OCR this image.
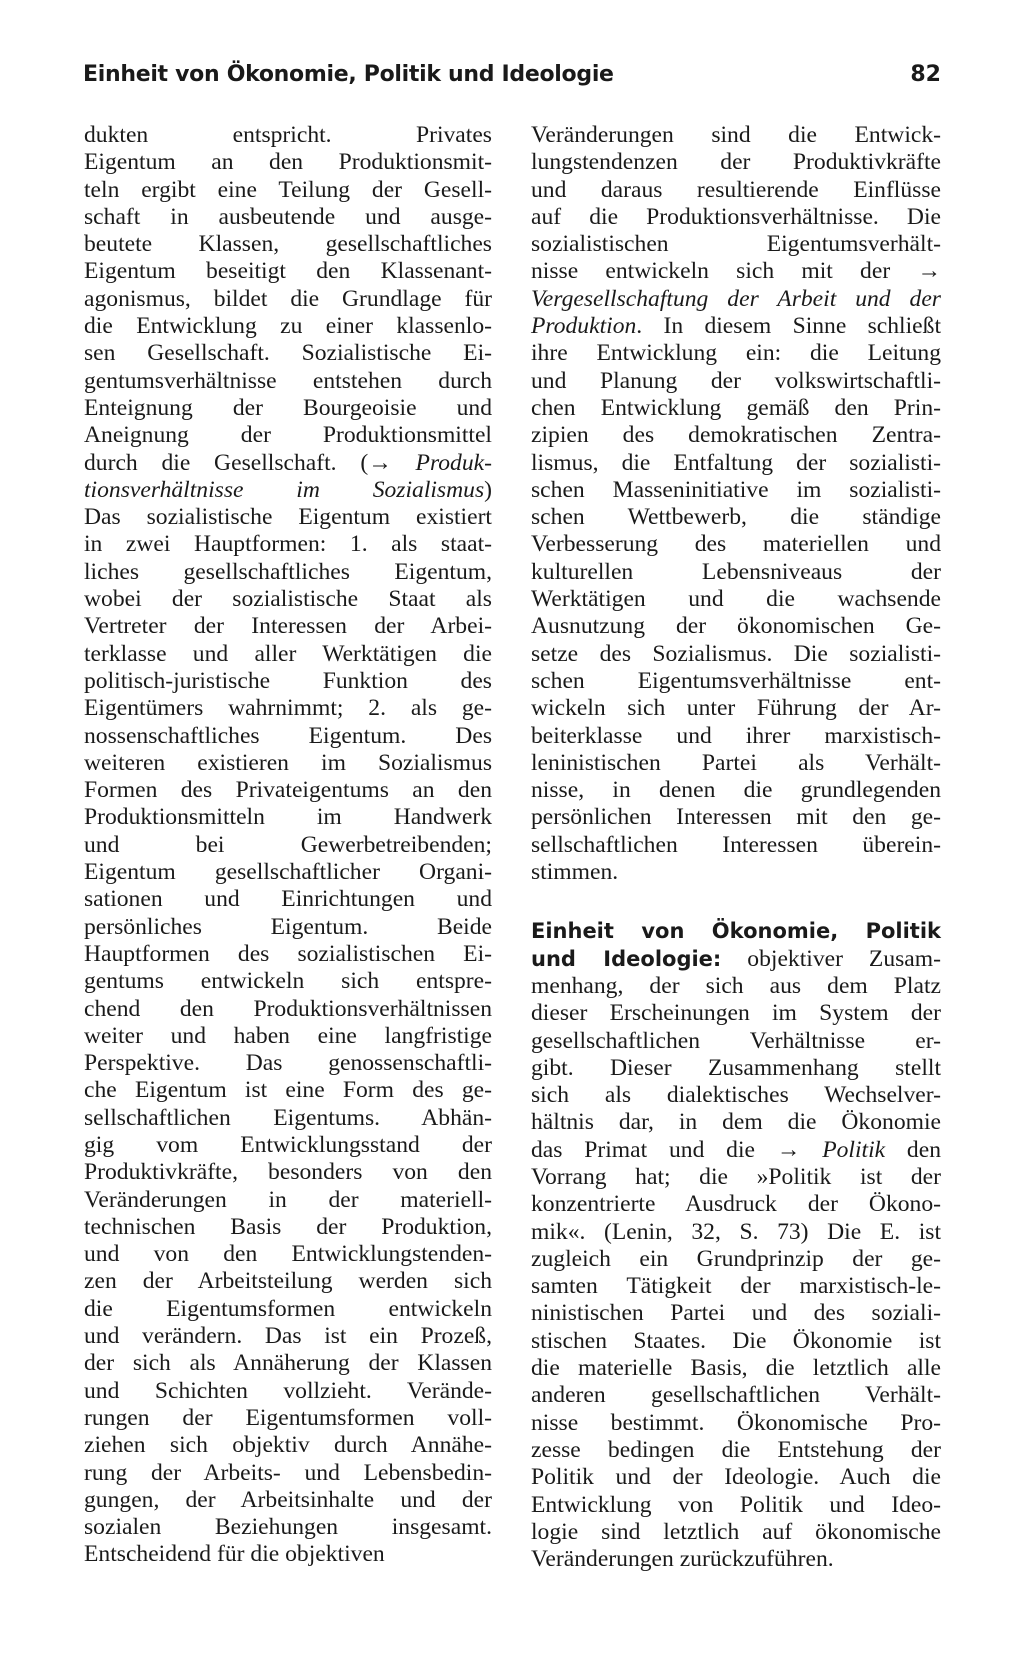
Einheit von Ökonomie, Politik und Ideologie	82
dukten entspricht. Privates
Eigentum an den Produktionsmit-
teln ergibt eine Teilung der Gesell-
schaft in ausbeutende und ausge-
beutete Klassen, gesellschaftliches
Eigentum beseitigt den Klassenant-
agonismus, bildet die Grundlage für
die Entwicklung zu einer klassenlo-
sen Gesellschaft. Sozialistische Ei-
gentumsverhältnisse entstehen durch
Enteignung der Bourgeoisie und
Aneignung der Produktionsmittel
durch die Gesellschaft. (→ Produk-
tionsverhältnisse im Sozialismus)
Das sozialistische Eigentum existiert
in zwei Hauptformen: 1. als staat-
liches gesellschaftliches Eigentum,
wobei der sozialistische Staat als
Vertreter der Interessen der Arbei-
terklasse und aller Werktätigen die
politisch-juristische Funktion des
Eigentümers wahrnimmt; 2. als ge-
nossenschaftliches Eigentum. Des
weiteren existieren im Sozialismus
Formen des Privateigentums an den
Produktionsmitteln im Handwerk
und bei Gewerbetreibenden;
Eigentum gesellschaftlicher Organi-
sationen und Einrichtungen und
persönliches Eigentum. Beide
Hauptformen des sozialistischen Ei-
gentums entwickeln sich entspre-
chend den Produktionsverhältnissen
weiter und haben eine langfristige
Perspektive. Das genossenschaftli-
che Eigentum ist eine Form des ge-
sellschaftlichen Eigentums. Abhän-
gig vom Entwicklungsstand der
Produktivkräfte, besonders von den
Veränderungen in der materiell-
technischen Basis der Produktion,
und von den Entwicklungstenden-
zen der Arbeitsteilung werden sich
die Eigentumsformen entwickeln
und verändern. Das ist ein Prozeß,
der sich als Annäherung der Klassen
und Schichten vollzieht. Verände-
rungen der Eigentumsformen voll-
ziehen sich objektiv durch Annähe-
rung der Arbeits- und Lebensbedin-
gungen, der Arbeitsinhalte und der
sozialen Beziehungen insgesamt.
Entscheidend für die objektiven
Veränderungen sind die Entwick-
lungstendenzen der Produktivkräfte
und daraus resultierende Einflüsse
auf die Produktionsverhältnisse. Die
sozialistischen Eigentumsverhält-
nisse entwickeln sich mit der →
Vergesellschaftung der Arbeit und der
Produktion. In diesem Sinne schließt
ihre Entwicklung ein: die Leitung
und Planung der volkswirtschaftli-
chen Entwicklung gemäß den Prin-
zipien des demokratischen Zentra-
lismus, die Entfaltung der sozialisti-
schen Masseninitiative im sozialisti-
schen Wettbewerb, die ständige
Verbesserung des materiellen und
kulturellen Lebensniveaus der
Werktätigen und die wachsende
Ausnutzung der ökonomischen Ge-
setze des Sozialismus. Die sozialisti-
schen Eigentumsverhältnisse ent-
wickeln sich unter Führung der Ar-
beiterklasse und ihrer marxistisch-
leninistischen Partei als Verhält-
nisse, in denen die grundlegenden
persönlichen Interessen mit den ge-
sellschaftlichen Interessen überein-
stimmen.
Einheit von Ökonomie, Politik
und Ideologie: objektiver Zusam-
menhang, der sich aus dem Platz
dieser Erscheinungen im System der
gesellschaftlichen Verhältnisse er-
gibt. Dieser Zusammenhang stellt
sich als dialektisches Wechselver-
hältnis dar, in dem die Ökonomie
das Primat und die → Politik den
Vorrang hat; die »Politik ist der
konzentrierte Ausdruck der Ökono-
mik«. (Lenin, 32, S. 73) Die E. ist
zugleich ein Grundprinzip der ge-
samten Tätigkeit der marxistisch-le-
ninistischen Partei und des soziali-
stischen Staates. Die Ökonomie ist
die materielle Basis, die letztlich alle
anderen gesellschaftlichen Verhält-
nisse bestimmt. Ökonomische Pro-
zesse bedingen die Entstehung der
Politik und der Ideologie. Auch die
Entwicklung von Politik und Ideo-
logie sind letztlich auf ökonomische
Veränderungen zurückzuführen.
